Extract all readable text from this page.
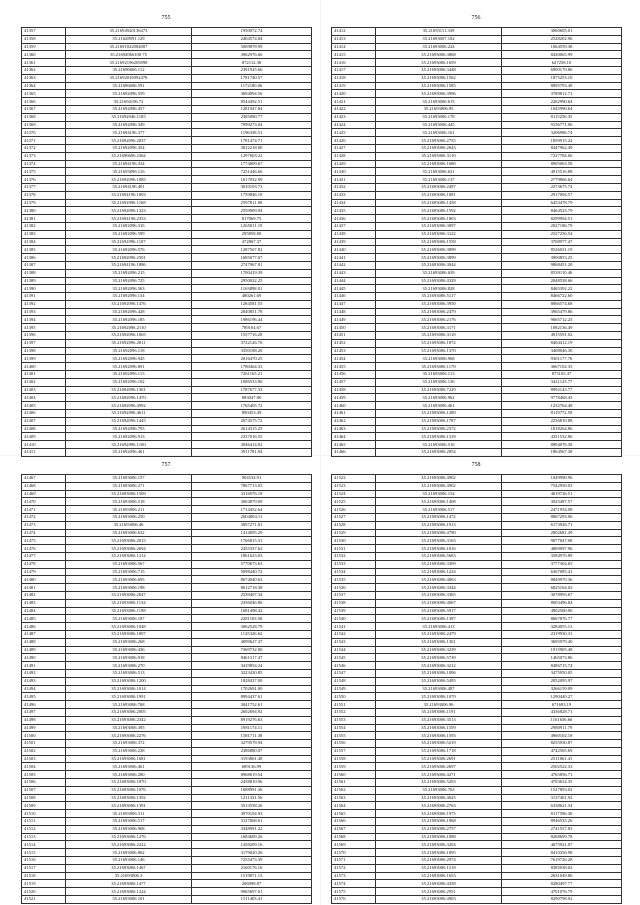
755
41357	35.21694920136473	1950072.74
41358	35.21628991.129	2404574.84
41359	35.21691022084807	5069878.99
41360	35.21692066100 75	3962976.66
41361	35.21692196205898	872112.38
41362	35.21696606.112	2391925.66
41363	35.21692016992478	1781740.57
41364	35.21696606.591	1172180.06
41365	35.21692096.559	3694094.56
41366	35.21694196.72	8544492.51
41367	35.21692096.457	1281947.84
41368	35.21692046.1185	2385080.77
41369	35.21692096.349	7999273.04
41370	35.21694196.377	1196338.51
41371	35.21692096.2037	1781474.71
41372	35.21692096.354	3812218.00
41373	35.21696606.2364	1297603.22
41374	35.21694196.334	1774809.67
41375	35.21693096.116	7251446.66
41376	35.21692096.1085	1617032.99
41377	35.21694196.401	3010103.73
41378	35.21694196.1003	1759846.18
41379	35.21692096.1168	2597811.08
41380	35.21692096.1323	2559909.94
41381	35.21694196.2353	817069.75
41382	35.21692096.316	1265011.19
41383	35.21692096.599	295858.80
41384	35.21692096.1107	472867.37
41385	35.21692096.576	1287567.82
41386	35.21692096.2501	1685077.07
41387	35.21694196.1886	2747967.81
41388	35.21692096.215	1700419.39
41389	35.21692096.725	2950022.25
41390	35.21692096.563	1163898.01
41391	35.21692096.134	480261.69
41392	35.21692096.1476	1284581.55
41393	35.21692096.428	2040851.78
41394	35.21692096.185	1986196.44
41395	35.21692096.2110	789104.67
41396	35.21692096.1665	1557716.28
41397	35.21692096.2811	3722126.76
41398	35.21692096.118	3350188.26
41399	35.21692096.945	2016470.25
41400	35.21692096.891	1780464.33
41401	35.21692096.113	7261165.21
41402	35.21692096.102	1086533.86
41403	35.21692096.1301	1787677.33
41404	35.21692096.1470	883047.80
41405	35.21692096.4992	1765405.72
41406	35.21692096.4611	890453.49
41407	35.21692096.1445	2674575.72
41408	35.21692096.793	2614315.25
41409	35.21692096.913	2337016.55
41410	35.21692096.1100	3046414.02
41411	35.21692096.461	3911781.94
756
41412	35.21693111.339	3060605.01
41413	35.21693007.102	2528202.96
41414	35.21693006.224	1064559.38
41415	35.21693006.3868	8430065.99
41416	35.21693006.1659	627258.10
41417	35.21693006.3448	6900170.86
41418	35.21693006.1562	1875253.10
41419	35.21693006.1585	8895793.48
41420	35.21693006.3996	3789812.71
41421	35.21693006.615	2262990.64
41422	35.21693006.95	1045990.64
41423	35.21693006.178	8115256.35
41424	35.21693006.445	9156771.06
41425	35.21693006.161	3206986.74
41426	35.21693006.2755	1859915.24
41427	35.21693006.2643	8447962.49
41428	35.21693006.3110	7227784.66
41429	35.21693006.1680	8905063.58
41430	35.21693006.631	4915516.88
41431	35.21693006.137	2779866.64
41432	35.21693006.2497	2273675.74
41433	35.21693006.1081	2917094.57
41434	35.21693006.1458	6453478.79
41435	35.21693006.1592	8464523.79
41436	35.21693006.1803	8299994.51
41437	35.21693006.3097	2027186.79
41438	35.21693006.3122	2527256.54
41439	35.21693006.1558	3708977.47
41440	35.21693006.3899	8526031.19
41441	35.21693006.3899	3900853.25
41442	35.21693006.3044	9868451.28
41443	35.21693006.639	8539110.46
41444	35.21693006.4329	2048538.66
41445	35.21693006.828	8465392.22
41446	35.21693006.5117	8466722.60
41447	35.21693006.3950	8066574.68
41448	35.21693006.2479	3965479.86
41449	35.21693006.2176	9665712.25
41450	35.21693006.3171	1082136.49
41451	35.21693006.3110	4915591.02
41452	35.21693006.1872	8404412.19
41453	35.21693006.1370	3408046.30
41454	35.21693006.968	9301177.76
41455	35.21693006.1170	3667102.35
41456	35.21693006.113	875105.47
41457	35.21693006.136	3421123.77
41458	35.21693006.7229	8992143.77
41459	35.21693006.962	9778468.45
41460	35.21693006.461	1232764.48
41461	35.21693006.1280	8119772.59
41462	35.21693006.1787	2256810.88
41463	35.21693006.2372	1818264.86
41464	35.21693006.1318	4351532.86
41465	35.21693006.516	8894076.38
41466	35.21693006.2854	1864567.38
757
41467	35.21693006.157	904534.91
41468	35.21693006.271	7867713.03
41469	35.21693006.1569	3316976.18
41470	35.21693006.518	3004879.09
41471	35.21693006.211	1714452.64
41472	35.21693006.250	2604004.11
41473	35.21693006.46	3097271.81
41474	35.21693006.632	1414095.29
41475	35.21693006.2015	1766815.31
41476	35.21693006.2694	2455337.62
41477	35.21693006.1214	1861623.03
41478	35.21693006.567	5770673.63
41479	35.21693006.715	5098440.72
41480	35.21693006.695	8674040.63
41481	35.21693006.198	8612718.38
41482	35.21693006.2047	2539407.34
41483	35.21693006.1134	2356046.86
41484	35.21693006.1198	1681498.42
41485	35.21693006.187	2281103.58
41486	35.21693006.1048	3062528.79
41487	35.21693006.1807	1125326.62
41488	35.21693006.268	4099627.37
41489	35.21693006.436	7369732.00
41490	35.21693006.918	8461317.47
41491	35.21693006.270	3419854.24
41492	35.21693006.513	3223430.85
41493	35.21693006.1200	1828437.00
41494	35.21693006.1014	1702691.00
41495	35.21693006.1991	8994437.61
41496	35.21693006.768	3041752.61
41497	35.21693006.2005	2602694.92
41498	35.21693006.2342	8919276.63
41499	35.21693006.395	1981174.11
41500	35.21693006.2276	1581711.38
41501	35.21693006.372	3279578.94
41502	35.21693006.238	2386880.07
41503	35.21693006.1681	3193861.48
41504	35.21693006.461	689136.99
41505	35.21693006.280	8968019.54
41506	35.21693006.1870	2458810.96
41507	35.21693006.1076	1688991.36
41508	35.21693006.1392	1211331.56
41509	35.21693006.1391	3513558.26
41510	35.21693006.311	3970194.93
41511	35.21693006.517	3127068.61
41512	35.21693006.968	3348991.22
41513	35.21693006.1276	1684609.26
41514	35.21693006.2222	1458209.16
41515	35.21693006.862	3179020.26
41516	35.21693006.146	7255473.39
41517	35.21693006.1467	2160176.16
41518	35.21693006.3	1519871.13
41519	35.21693006.1477	206998.87
41520	35.21693006.1224	9965697.01
41521	35.21693006.101	1511403.41
758
41522	35.21693006.4902	1049990.96
41523	35.21693006.4902	7542950.03
41524	35.21693006.154	4019736.51
41525	35.21693006.1408	3025487.57
41526	35.21693006.517	2471954.08
41527	35.21693006.1472	8867293.06
41528	35.21693006.1913	6173926.71
41529	35.21693006.4790	2802681.49
41530	35.21693006.3163	9877047.08
41531	35.21693006.1016	4869097.96
41532	35.21693006.5683	3584970.89
41533	35.21693006.3309	3777304.65
41534	35.21693006.1224	6367085.41
41535	35.21693006.4063	8849970.36
41536	35.21693006.3344	6825164.02
41537	35.21693006.3365	3078993.67
41538	35.21693006.4067	8003496.84
41539	35.21693006.5917	4902560.06
41540	35.21693006.1387	8667876.77
41541	35.21693006.413	3284055.13
41542	35.21693006.2479	2319930.31
41543	35.21693006.1301	3695979.40
41544	35.21693006.3239	1915905.48
41545	35.21693006.5739	1465073.86
41546	35.21693006.3212	8486715.74
41547	35.21693006.1006	3475950.05
41548	35.21693006.5495	2052095.97
41549	35.21693006.487	3266159.09
41550	35.21693006.1079	1290440.27
41551	35.21693006.96	671693.19
41552	35.21693006.1191	4336828.71
41553	35.21693006.3513	1161636.66
41554	35.21693006.1559	2980911.79
41555	35.21693006.1593	4960102.18
41556	35.21693006.5219	8255930.87
41557	35.21693006.1718	4742565.69
41558	35.21693006.2691	2511061.41
41559	35.21693006.2697	2502522.33
41560	35.21693006.4271	4765856.71
41561	35.21693006.5203	4703634.35
41562	35.21693006.763	1527893.02
41563	35.21693006.4625	3137401.92
41564	35.21693006.2763	6338621.34
41565	35.21693006.1975	8117596.30
41566	35.21693006.1968	8946535.26
41567	35.21693006.2757	2741557.83
41568	35.21693006.1088	8268699.78
41569	35.21693006.3204	4675921.07
41570	35.21693006.1095	8410356.98
41571	35.21693006.2974	7619726.28
41572	35.21693006.1518	8385038.02
41573	35.21693006.1653	2631049.86
41574	35.21693006.4358	8280497.77
41575	35.21693006.2951	4701076.79
41576	35.21693006.4903	8290798.02
